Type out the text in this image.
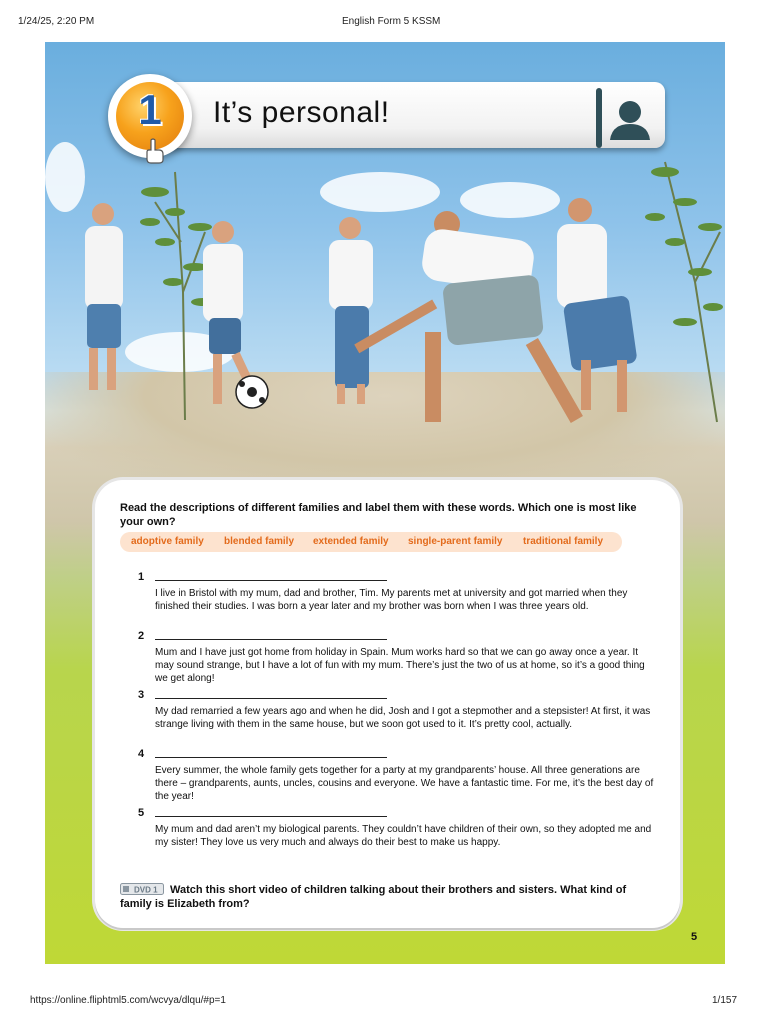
1/24/25, 2:20 PM	English Form 5 KSSM
It’s personal!
1
Read the descriptions of different families and label them with these words. Which one is most like your own?
adoptive family blended family extended family single-parent family traditional family
1
I live in Bristol with my mum, dad and brother, Tim. My parents met at university and got married when they finished their studies. I was born a year later and my brother was born when I was three years old.
2
Mum and I have just got home from holiday in Spain. Mum works hard so that we can go away once a year. It may sound strange, but I have a lot of fun with my mum. There’s just the two of us at home, so it’s a good thing we get along!
3
My dad remarried a few years ago and when he did, Josh and I got a stepmother and a stepsister! At first, it was strange living with them in the same house, but we soon got used to it. It’s pretty cool, actually.
4
Every summer, the whole family gets together for a party at my grandparents’ house. All three generations are there – grandparents, aunts, uncles, cousins and everyone. We have a fantastic time. For me, it’s the best day of the year!
5
My mum and dad aren’t my biological parents. They couldn’t have children of their own, so they adopted me and my sister! They love us very much and always do their best to make us happy.
DVD 1	Watch this short video of children talking about their brothers and sisters. What kind of family is Elizabeth from?
5
https://online.fliphtml5.com/wcvya/dlqu/#p=1	1/157
